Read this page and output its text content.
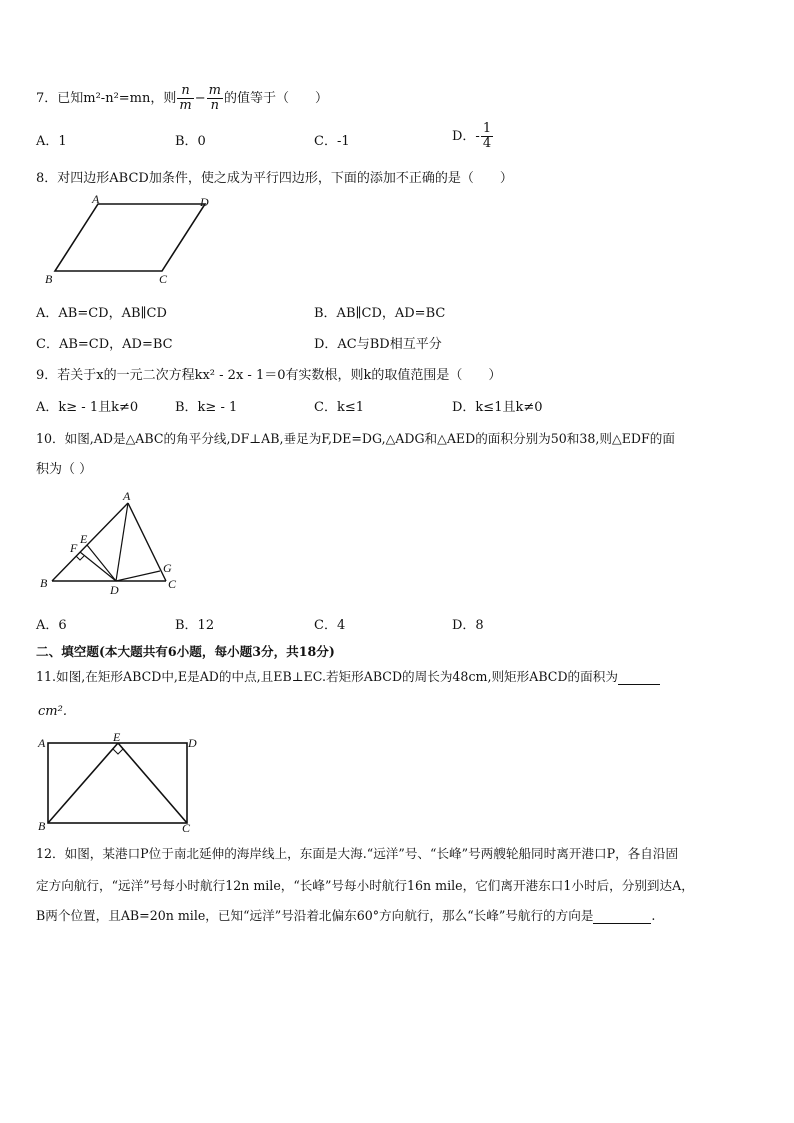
7．已知m²-n²=mn，则 $\frac{n}{m} - \frac{m}{n}$ 的值等于（　　）
A．1	B．0	C．-1	D．- $\frac{1}{4}$
8．对四边形ABCD加条件，使之成为平行四边形，下面的添加不正确的是（　　）
A	D
B	C
A．AB=CD，AB∥CD	B．AB∥CD，AD=BC
C．AB=CD，AD=BC	D．AC与BD相互平分
9．若关于x的一元二次方程kx² - 2x - 1＝0有实数根，则k的取值范围是（　　）
A．k≥ - 1且k≠0	B．k≥ - 1	C．k≤1	D．k≤1且k≠0
10．如图,AD是△ABC的角平分线,DF⊥AB,垂足为F,DE=DG,△ADG和△AED的面积分别为50和38,则△EDF的面
积为（ ）
A
E
F
B	D
G
C
A．6	B．12	C．4	D．8
二、填空题(本大题共有6小题，每小题3分，共18分)
11.如图,在矩形ABCD中,E是AD的中点,且EB⊥EC.若矩形ABCD的周长为48cm,则矩形ABCD的面积为
cm².
A	E	D
B	C
12．如图，某港口P位于南北延伸的海岸线上，东面是大海.“远洋”号、“长峰”号两艘轮船同时离开港口P，各自沿固
定方向航行，“远洋”号每小时航行12n mile，“长峰”号每小时航行16n mile，它们离开港东口1小时后，分别到达A，
B两个位置，且AB=20n mile，已知“远洋”号沿着北偏东60°方向航行，那么“长峰”号航行的方向是	.
